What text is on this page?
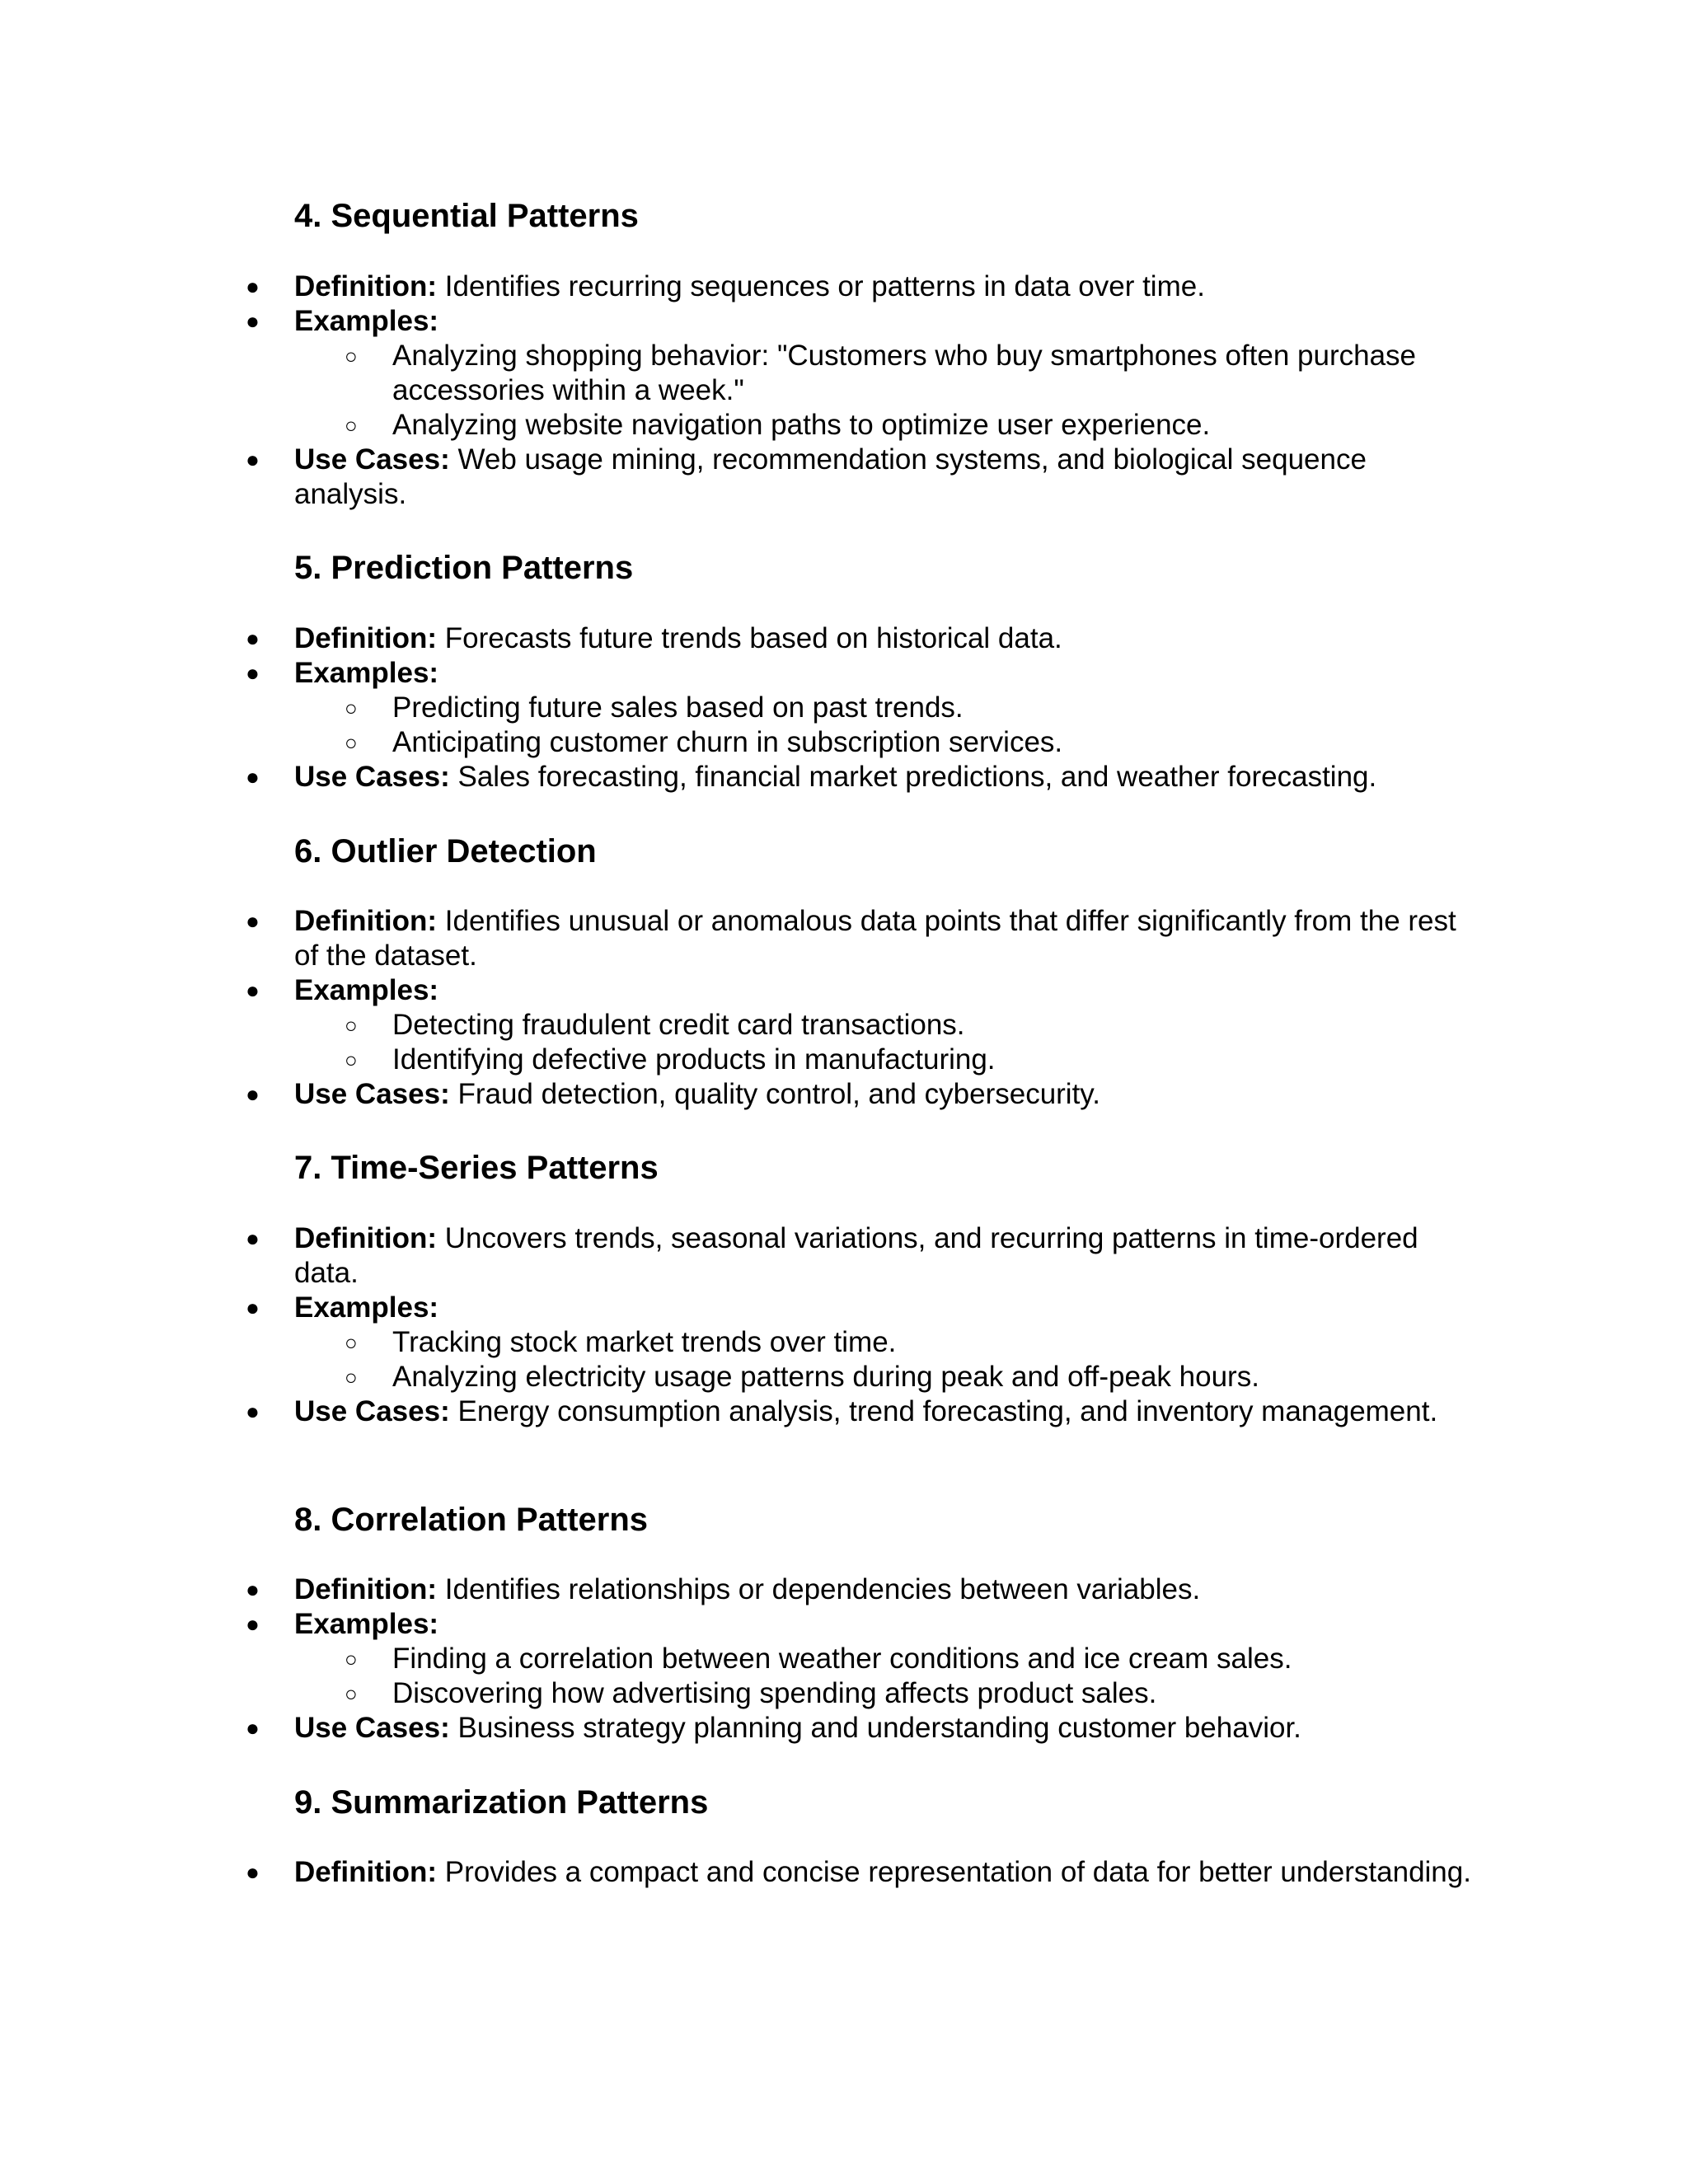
4. Sequential Patterns
● Definition: Identifies recurring sequences or patterns in data over time.
● Examples:
○ Analyzing shopping behavior: "Customers who buy smartphones often purchase accessories within a week."
○ Analyzing website navigation paths to optimize user experience.
● Use Cases: Web usage mining, recommendation systems, and biological sequence analysis.
5. Prediction Patterns
● Definition: Forecasts future trends based on historical data.
● Examples:
○ Predicting future sales based on past trends.
○ Anticipating customer churn in subscription services.
● Use Cases: Sales forecasting, financial market predictions, and weather forecasting.
6. Outlier Detection
● Definition: Identifies unusual or anomalous data points that differ significantly from the rest of the dataset.
● Examples:
○ Detecting fraudulent credit card transactions.
○ Identifying defective products in manufacturing.
● Use Cases: Fraud detection, quality control, and cybersecurity.
7. Time-Series Patterns
● Definition: Uncovers trends, seasonal variations, and recurring patterns in time-ordered data.
● Examples:
○ Tracking stock market trends over time.
○ Analyzing electricity usage patterns during peak and off-peak hours.
● Use Cases: Energy consumption analysis, trend forecasting, and inventory management.
8. Correlation Patterns
● Definition: Identifies relationships or dependencies between variables.
● Examples:
○ Finding a correlation between weather conditions and ice cream sales.
○ Discovering how advertising spending affects product sales.
● Use Cases: Business strategy planning and understanding customer behavior.
9. Summarization Patterns
● Definition: Provides a compact and concise representation of data for better understanding.
